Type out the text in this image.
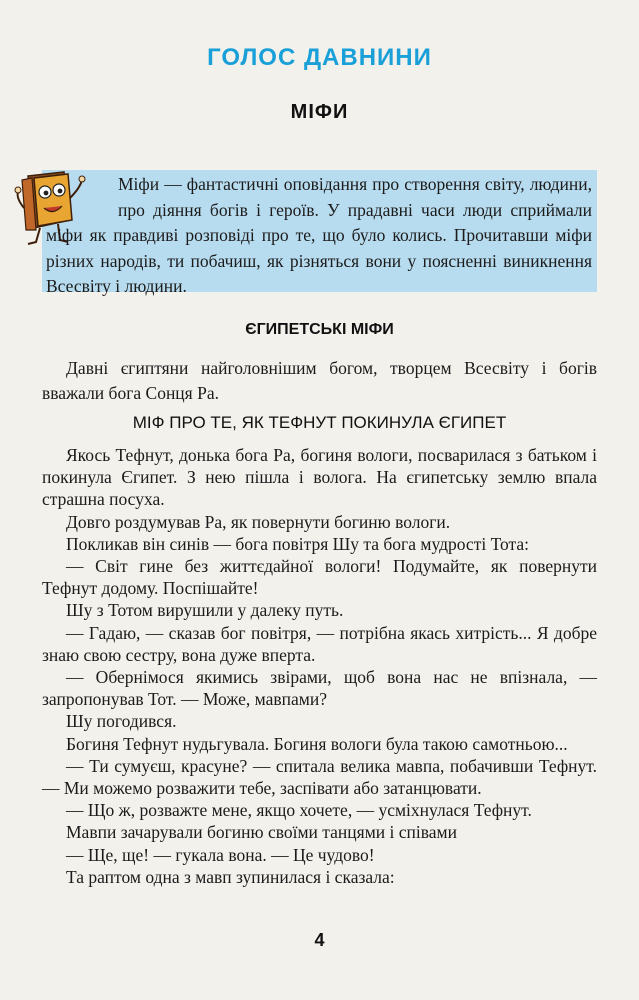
ГОЛОС ДАВНИНИ
МІФИ
Міфи — фантастичні оповідання про створення світу, людини, про діяння богів і героїв. У прадавні часи люди сприймали міфи як правдиві розповіді про те, що було колись. Прочитавши міфи різних народів, ти побачиш, як різняться вони у поясненні виникнення Всесвіту і людини.
ЄГИПЕТСЬКІ МІФИ
Давні єгиптяни найголовнішим богом, творцем Всесвіту і богів вважали бога Сонця Ра.
МІФ ПРО ТЕ, ЯК ТЕФНУТ ПОКИНУЛА ЄГИПЕТ

Якось Тефнут, донька бога Ра, богиня вологи, посварилася з батьком і покинула Єгипет. З нею пішла і волога. На єгипетську землю впала страшна посуха.

Довго роздумував Ра, як повернути богиню вологи.

Покликав він синів — бога повітря Шу та бога мудрості Тота:

— Світ гине без життєдайної вологи! Подумайте, як повернути Тефнут додому. Поспішайте!

Шу з Тотом вирушили у далеку путь.

— Гадаю, — сказав бог повітря, — потрібна якась хитрість... Я добре знаю свою сестру, вона дуже вперта.

— Обернімося якимись звірами, щоб вона нас не впізнала, — запропонував Тот. — Може, мавпами?

Шу погодився.

Богиня Тефнут нудьгувала. Богиня вологи була такою самотньою...

— Ти сумуєш, красуне? — спитала велика мавпа, побачивши Тефнут. — Ми можемо розважити тебе, заспівати або затанцювати.

— Що ж, розважте мене, якщо хочете, — усміхнулася Тефнут.

Мавпи зачарували богиню своїми танцями і співами

— Ще, ще! — гукала вона. — Це чудово!

Та раптом одна з мавп зупинилася і сказала:

4
